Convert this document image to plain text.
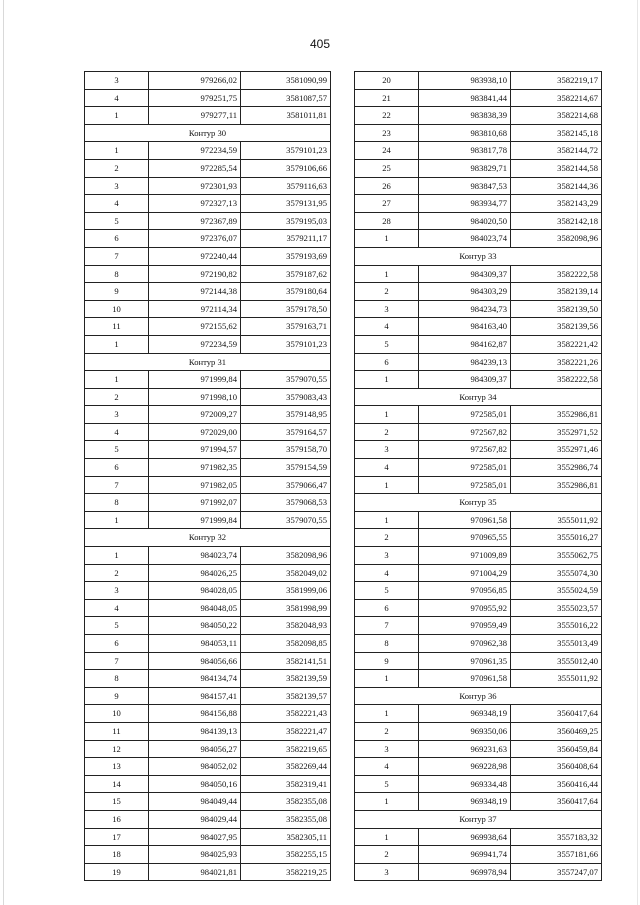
405
3	979266,02	3581090,99
4	979251,75	3581087,57
1	979277,11	3581011,81
Контур 30		
1	972234,59	3579101,23
2	972285,54	3579106,66
3	972301,93	3579116,63
4	972327,13	3579131,95
5	972367,89	3579195,03
6	972376,07	3579211,17
7	972240,44	3579193,69
8	972190,82	3579187,62
9	972144,38	3579180,64
10	972114,34	3579178,50
11	972155,62	3579163,71
1	972234,59	3579101,23
Контур 31		
1	971999,84	3579070,55
2	971998,10	3579083,43
3	972009,27	3579148,95
4	972029,00	3579164,57
5	971994,57	3579158,70
6	971982,35	3579154,59
7	971982,05	3579066,47
8	971992,07	3579068,53
1	971999,84	3579070,55
Контур 32		
1	984023,74	3582098,96
2	984026,25	3582049,02
3	984028,05	3581999,06
4	984048,05	3581998,99
5	984050,22	3582048,93
6	984053,11	3582098,85
7	984056,66	3582141,51
8	984134,74	3582139,59
9	984157,41	3582139,57
10	984156,88	3582221,43
11	984139,13	3582221,47
12	984056,27	3582219,65
13	984052,02	3582269,44
14	984050,16	3582319,41
15	984049,44	3582355,08
16	984029,44	3582355,08
17	984027,95	3582305,11
18	984025,93	3582255,15
19	984021,81	3582219,25
20	983938,10	3582219,17
21	983841,44	3582214,67
22	983838,39	3582214,68
23	983810,68	3582145,18
24	983817,78	3582144,72
25	983829,71	3582144,58
26	983847,53	3582144,36
27	983934,77	3582143,29
28	984020,50	3582142,18
1	984023,74	3582098,96
Контур 33		
1	984309,37	3582222,58
2	984303,29	3582139,14
3	984234,73	3582139,50
4	984163,40	3582139,56
5	984162,87	3582221,42
6	984239,13	3582221,26
1	984309,37	3582222,58
Контур 34		
1	972585,01	3552986,81
2	972567,82	3552971,52
3	972567,82	3552971,46
4	972585,01	3552986,74
1	972585,01	3552986,81
Контур 35		
1	970961,58	3555011,92
2	970965,55	3555016,27
3	971009,89	3555062,75
4	971004,29	3555074,30
5	970956,85	3555024,59
6	970955,92	3555023,57
7	970959,49	3555016,22
8	970962,38	3555013,49
9	970961,35	3555012,40
1	970961,58	3555011,92
Контур 36		
1	969348,19	3560417,64
2	969350,06	3560469,25
3	969231,63	3560459,84
4	969228,98	3560408,64
5	969334,48	3560416,44
1	969348,19	3560417,64
Контур 37		
1	969938,64	3557183,32
2	969941,74	3557181,66
3	969978,94	3557247,07
